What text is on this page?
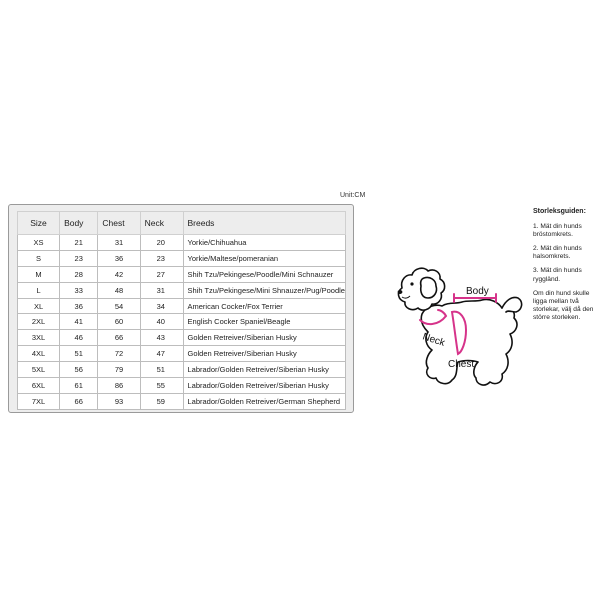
Unit:CM
Size	Body	Chest	Neck	Breeds
XS	21	31	20	Yorkie/Chihuahua
S	23	36	23	Yorkie/Maltese/pomeranian
M	28	42	27	Shih Tzu/Pekingese/Poodle/Mini Schnauzer
L	33	48	31	Shih Tzu/Pekingese/Mini Shnauzer/Pug/Poodle
XL	36	54	34	American Cocker/Fox Terrier
2XL	41	60	40	English Cocker Spaniel/Beagle
3XL	46	66	43	Golden Retreiver/Siberian Husky
4XL	51	72	47	Golden Retreiver/Siberian Husky
5XL	56	79	51	Labrador/Golden Retreiver/Siberian Husky
6XL	61	86	55	Labrador/Golden Retreiver/Siberian Husky
7XL	66	93	59	Labrador/Golden Retreiver/German Shepherd
Body
Neck
Chest
Storleksguiden:

1. Mät din hunds bröstomkrets.

2. Mät din hunds halsomkrets.

3. Mät din hunds ryggländ.

Om din hund skulle ligga mellan två storlekar, välj då den större storleken.
